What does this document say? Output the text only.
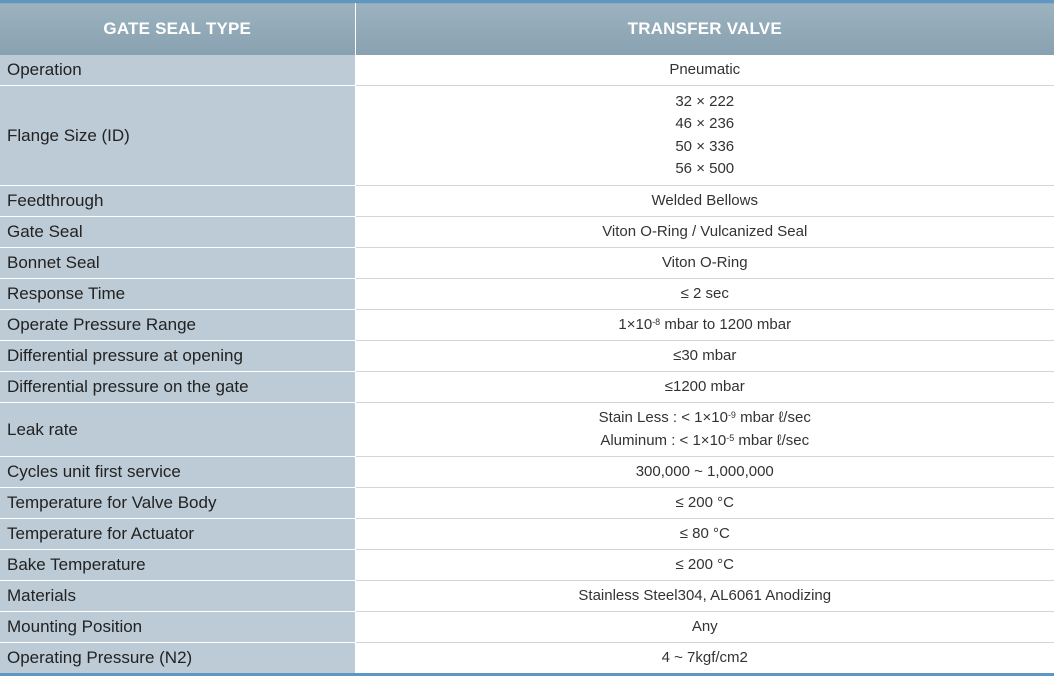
GATE SEAL TYPE	TRANSFER VALVE
Operation	Pneumatic
Flange Size (ID)	32 × 222
46 × 236
50 × 336
56 × 500

Feedthrough	Welded Bellows
Gate Seal	Viton O-Ring / Vulcanized Seal
Bonnet Seal	Viton O-Ring
Response Time	≤ 2 sec
Operate Pressure Range	$1\times 10^{-8}$ mbar to 1200 mbar
Differential pressure at opening	≤30 mbar
Differential pressure on the gate	≤1200 mbar
Leak rate	Stain Less : < $1\times 10^{-9}$ mbar ℓ/sec
Aluminum : < $1\times 10^{-5}$ mbar ℓ/sec

Cycles unit first service	300,000 ~ 1,000,000
Temperature for Valve Body	≤ 200 °C
Temperature for Actuator	≤ 80 °C
Bake Temperature	≤ 200 °C
Materials	Stainless Steel304, AL6061 Anodizing
Mounting Position	Any
Operating Pressure (N2)	4 ~ 7kgf/cm2
